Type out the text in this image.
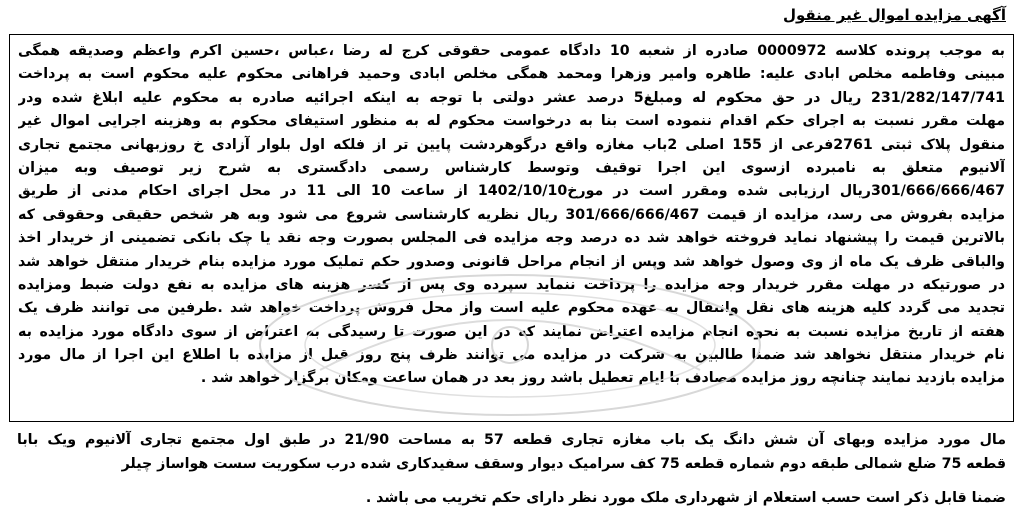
آگهی مزایده اموال غیر منقول
به موجب پرونده کلاسه 0000972 صادره از شعبه 10 دادگاه عمومی حقوقی کرج له رضا ،عباس ،حسین اکرم واعظم وصدیقه همگی
مبینی وفاطمه مخلص ابادی علیه: طاهره وامیر وزهرا ومحمد همگی مخلص ابادی وحمید فراهانی محکوم علیه محکوم است به پرداخت
231/282/147/741 ریال در حق محکوم له ومبلغ5 درصد عشر دولتی با توجه به اینکه اجرائیه صادره به محکوم علیه ابلاغ شده ودر
مهلت مقرر نسبت به اجرای حکم اقدام ننموده است بنا به درخواست محکوم له به منظور استیفای محکوم به وهزینه اجرایی اموال غیر
منقول پلاک ثبتی 2761فرعی از 155 اصلی 2باب مغازه واقع درگوهردشت پایین تر از فلکه اول بلوار آزادی خ روزبهانی مجتمع تجاری
آلانیوم متعلق به نامبرده ازسوی این اجرا توقیف وتوسط کارشناس رسمی دادگستری به شرح زیر توصیف وبه میزان
301/666/666/467ریال ارزیابی شده ومقرر است در مورخ1402/10/10 از ساعت 10 الی 11 در محل اجرای احکام مدنی از طریق
مزایده بفروش می رسد، مزایده از قیمت 301/666/666/467 ریال نظریه کارشناسی شروع می شود وبه هر شخص حقیقی وحقوقی که
بالاترین قیمت را پیشنهاد نماید فروخته خواهد شد ده درصد وجه مزایده فی المجلس بصورت وجه نقد یا چک بانکی تضمینی از خریدار اخذ
والباقی ظرف یک ماه از وی وصول خواهد شد وپس از انجام مراحل قانونی وصدور حکم تملیک مورد مزایده بنام خریدار منتقل خواهد شد
در صورتیکه در مهلت مقرر خریدار وجه مزایده را پرداخت ننماید سپرده وی پس از کسر هزینه های مزایده به نفع دولت ضبط ومزایده
تجدید می گردد کلیه هزینه های نقل وانتقال به عهده محکوم علیه است واز محل فروش پرداخت خواهد شد .طرفین می توانند ظرف یک
هفته از تاریخ مزایده نسبت به نحوه انجام مزایده اعتراض نمایند که در این صورت تا رسیدگی به اعتراض از سوی دادگاه مورد مزایده به
نام خریدار منتقل نخواهد شد ضمنا طالبین به شرکت در مزایده می توانند ظرف پنج روز قبل از مزایده با اطلاع این اجرا از مال مورد
مزایده بازدید نمایند چنانچه روز مزایده مصادف با ایام تعطیل باشد روز بعد در همان ساعت ومکان برگزار خواهد شد .
مال مورد مزایده وبهای آن شش دانگ یک باب مغازه تجاری قطعه 57 به مساحت 21/90 در طبق اول مجتمع تجاری آلانیوم ویک بابا
قطعه 75 ضلع شمالی طبقه دوم شماره قطعه 75 کف سرامیک دیوار وسقف سفیدکاری شده درب سکوریت سست هواساز چیلر
ضمنا قابل ذکر است حسب استعلام از شهرداری ملک مورد نظر دارای حکم تخریب می باشد .
